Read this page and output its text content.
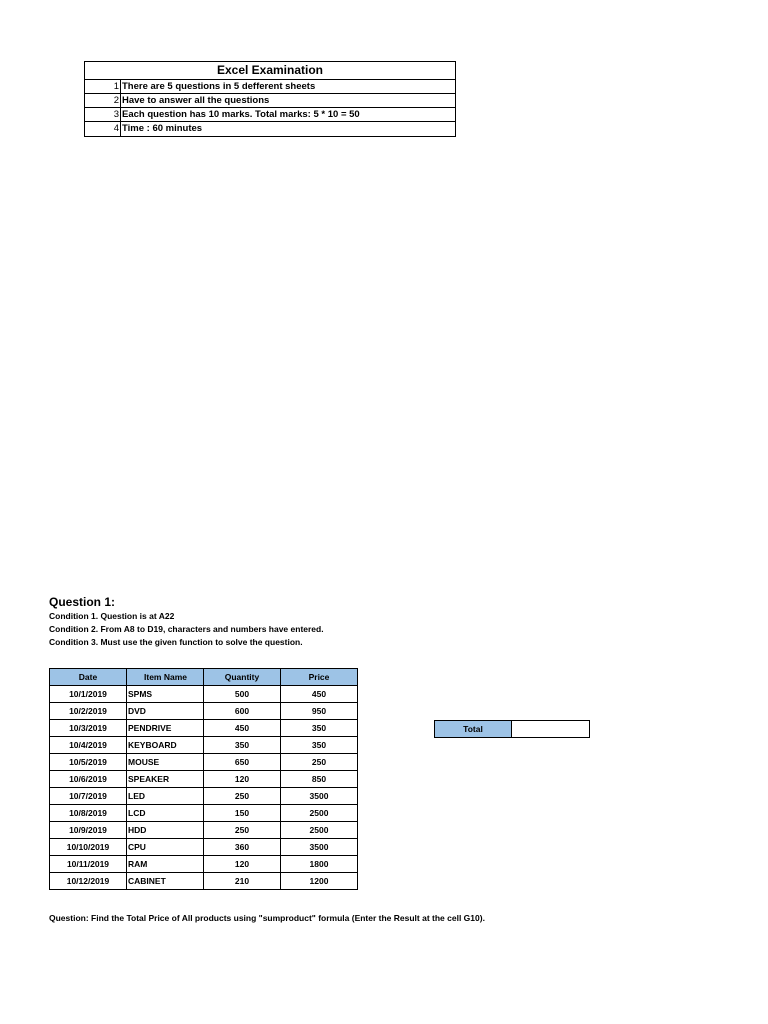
Excel Examination
1 There are 5 questions in 5 defferent sheets
2 Have to answer all the questions
3 Each question has 10 marks. Total marks: 5 * 10 = 50
4 Time : 60 minutes
Question 1:
Condition 1. Question is at A22
Condition 2. From A8 to D19, characters and numbers have entered.
Condition 3. Must use the given function to solve the question.
Date	Item Name	Quantity	Price
10/1/2019	SPMS	500	450
10/2/2019	DVD	600	950
10/3/2019	PENDRIVE	450	350
10/4/2019	KEYBOARD	350	350
10/5/2019	MOUSE	650	250
10/6/2019	SPEAKER	120	850
10/7/2019	LED	250	3500
10/8/2019	LCD	150	2500
10/9/2019	HDD	250	2500
10/10/2019	CPU	360	3500
10/11/2019	RAM	120	1800
10/12/2019	CABINET	210	1200
Total
Question: Find the Total Price of All products using "sumproduct" formula (Enter the Result at the cell G10).
